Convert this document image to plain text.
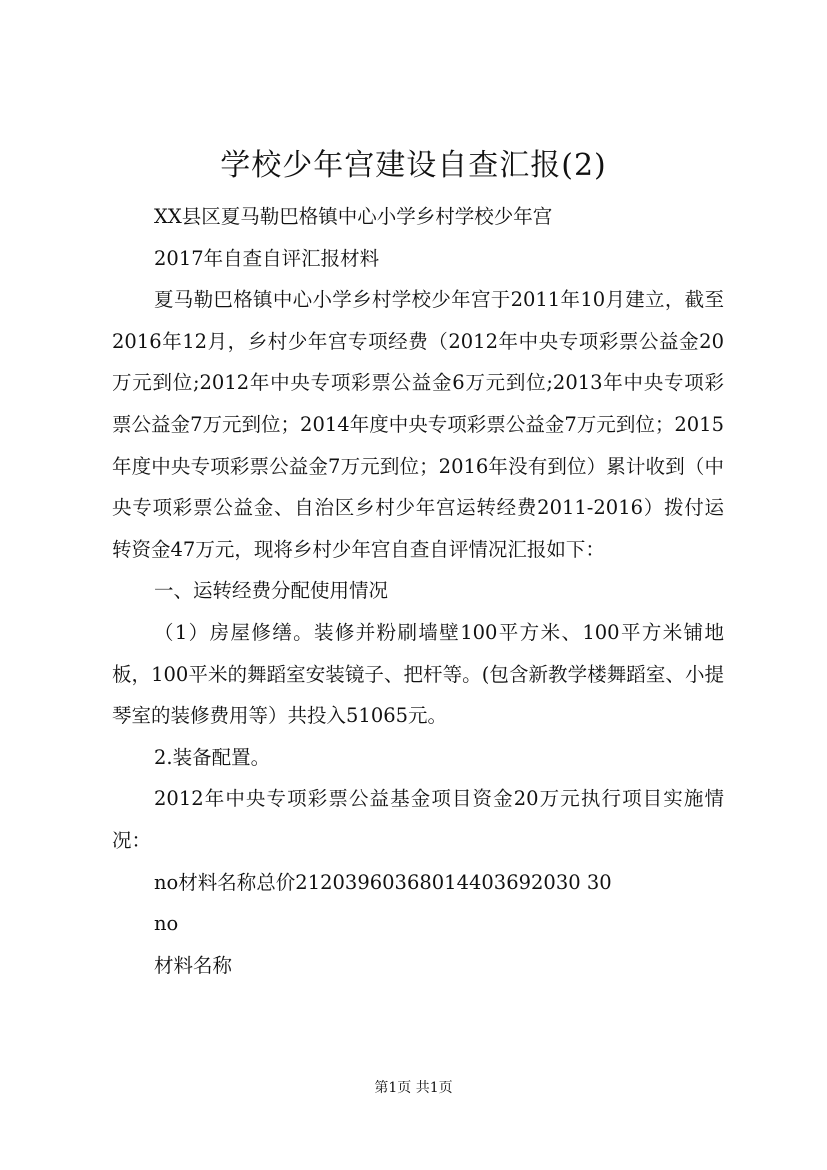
学校少年宫建设自查汇报(2)

XX县区夏马勒巴格镇中心小学乡村学校少年宫

2017年自查自评汇报材料

夏马勒巴格镇中心小学乡村学校少年宫于2011年10月建立，截至2016年12月，乡村少年宫专项经费（2012年中央专项彩票公益金20万元到位;2012年中央专项彩票公益金6万元到位;2013年中央专项彩票公益金7万元到位；2014年度中央专项彩票公益金7万元到位；2015年度中央专项彩票公益金7万元到位；2016年没有到位）累计收到（中央专项彩票公益金、自治区乡村少年宫运转经费2011-2016）拨付运转资金47万元，现将乡村少年宫自查自评情况汇报如下：

一、运转经费分配使用情况

（1）房屋修缮。装修并粉刷墙壁100平方米、100平方米铺地板，100平米的舞蹈室安装镜子、把杆等。(包含新教学楼舞蹈室、小提琴室的装修费用等）共投入51065元。

2.装备配置。

2012年中央专项彩票公益基金项目资金20万元执行项目实施情况：

no材料名称总价21203960368014403692030 30

no

材料名称

第1页 共1页
